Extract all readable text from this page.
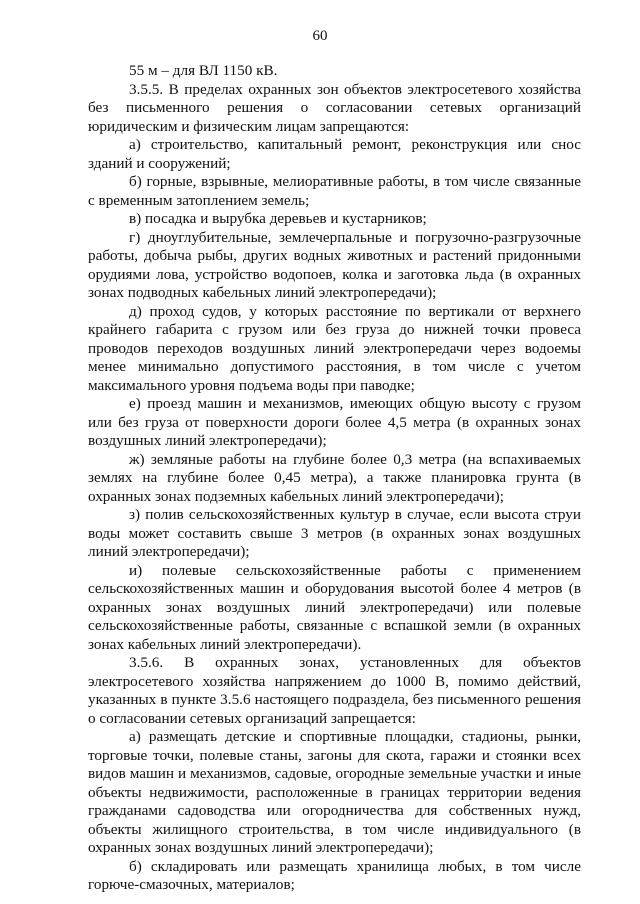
60

55 м – для ВЛ 1150 кВ.

3.5.5. В пределах охранных зон объектов электросетевого хозяйства без письменного решения о согласовании сетевых организаций юридическим и физическим лицам запрещаются:

а) строительство, капитальный ремонт, реконструкция или снос зданий и сооружений;

б) горные, взрывные, мелиоративные работы, в том числе связанные с временным затоплением земель;

в) посадка и вырубка деревьев и кустарников;

г) дноуглубительные, землечерпальные и погрузочно-разгрузочные работы, добыча рыбы, других водных животных и растений придонными орудиями лова, устройство водопоев, колка и заготовка льда (в охранных зонах подводных кабельных линий электропередачи);

д) проход судов, у которых расстояние по вертикали от верхнего крайнего габарита с грузом или без груза до нижней точки провеса проводов переходов воздушных линий электропередачи через водоемы менее минимально допустимого расстояния, в том числе с учетом максимального уровня подъема воды при паводке;

е) проезд машин и механизмов, имеющих общую высоту с грузом или без груза от поверхности дороги более 4,5 метра (в охранных зонах воздушных линий электропередачи);

ж) земляные работы на глубине более 0,3 метра (на вспахиваемых землях на глубине более 0,45 метра), а также планировка грунта (в охранных зонах подземных кабельных линий электропередачи);

з) полив сельскохозяйственных культур в случае, если высота струи воды может составить свыше 3 метров (в охранных зонах воздушных линий электропередачи);

и) полевые сельскохозяйственные работы с применением сельскохозяйственных машин и оборудования высотой более 4 метров (в охранных зонах воздушных линий электропередачи) или полевые сельскохозяйственные работы, связанные с вспашкой земли (в охранных зонах кабельных линий электропередачи).

3.5.6. В охранных зонах, установленных для объектов электросетевого хозяйства напряжением до 1000 В, помимо действий, указанных в пункте 3.5.6 настоящего подраздела, без письменного решения о согласовании сетевых организаций запрещается:

а) размещать детские и спортивные площадки, стадионы, рынки, торговые точки, полевые станы, загоны для скота, гаражи и стоянки всех видов машин и механизмов, садовые, огородные земельные участки и иные объекты недвижимости, расположенные в границах территории ведения гражданами садоводства или огородничества для собственных нужд, объекты жилищного строительства, в том числе индивидуального (в охранных зонах воздушных линий электропередачи);

б) складировать или размещать хранилища любых, в том числе горюче-смазочных, материалов;
